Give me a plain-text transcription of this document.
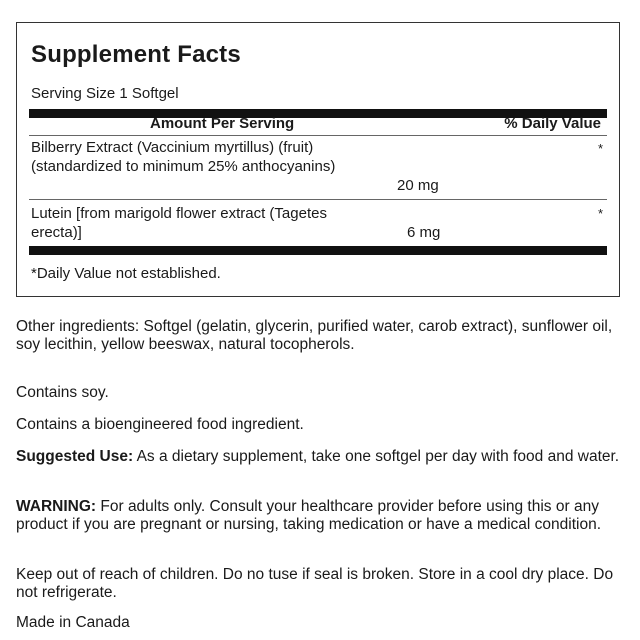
Supplement Facts
Serving Size 1 Softgel
Amount Per Serving	% Daily Value
Bilberry Extract (Vaccinium myrtillus) (fruit)
(standardized to minimum 25% anthocyanins)
20 mg
*
Lutein [from marigold flower extract (Tagetes
erecta)]	6 mg
*
*Daily Value not established.

Other ingredients: Softgel (gelatin, glycerin, purified water, carob extract), sunflower oil, soy lecithin, yellow beeswax, natural tocopherols.

Contains soy.

Contains a bioengineered food ingredient.

Suggested Use: As a dietary supplement, take one softgel per day with food and water.

WARNING: For adults only. Consult your healthcare provider before using this or any product if you are pregnant or nursing, taking medication or have a medical condition.

Keep out of reach of children. Do no tuse if seal is broken. Store in a cool dry place. Do not refrigerate.

Made in Canada
